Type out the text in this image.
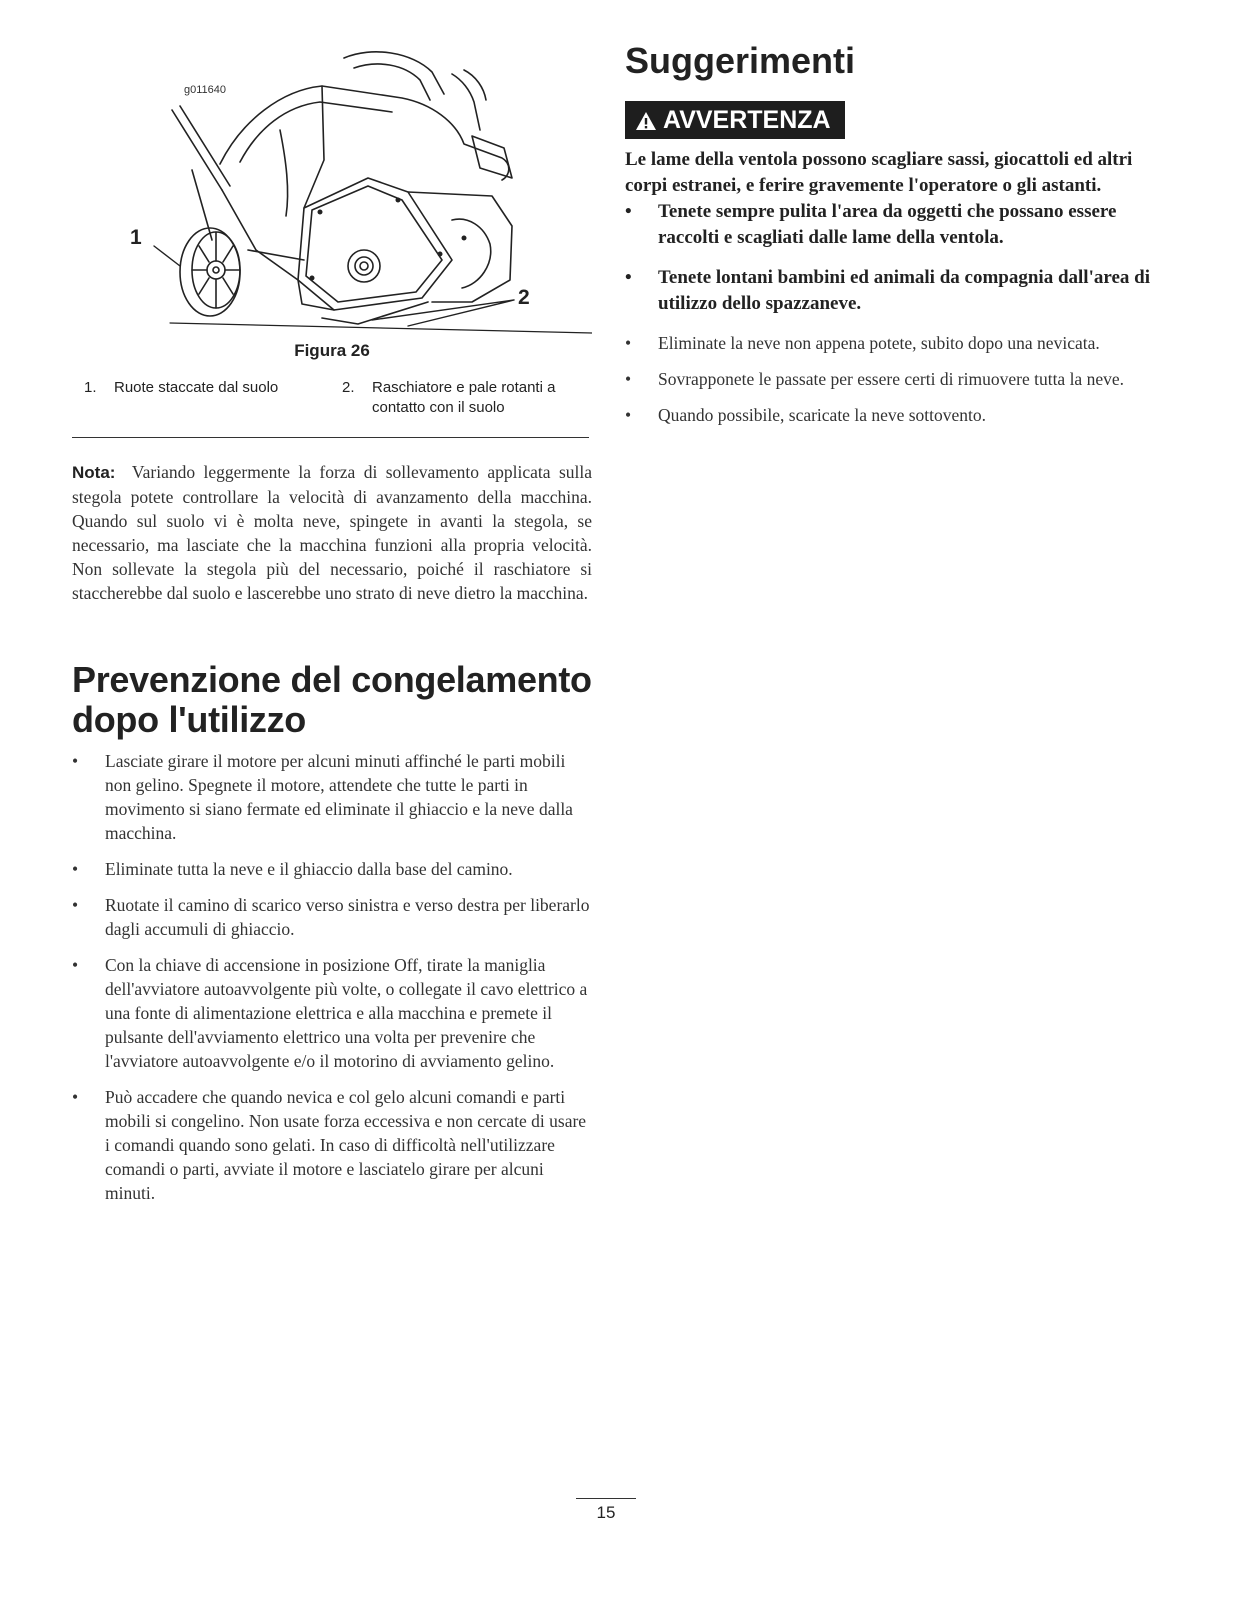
g011640
1
2
Figura 26
1. Ruote staccate dal suolo	2. Raschiatore e pale rotanti a contatto con il suolo

Nota: Variando leggermente la forza di sollevamento applicata sulla stegola potete controllare la velocità di avanzamento della macchina. Quando sul suolo vi è molta neve, spingete in avanti la stegola, se necessario, ma lasciate che la macchina funzioni alla propria velocità. Non sollevate la stegola più del necessario, poiché il raschiatore si staccherebbe dal suolo e lascerebbe uno strato di neve dietro la macchina.

Prevenzione del congelamento dopo l'utilizzo
• Lasciate girare il motore per alcuni minuti affinché le parti mobili non gelino. Spegnete il motore, attendete che tutte le parti in movimento si siano fermate ed eliminate il ghiaccio e la neve dalla macchina.
• Eliminate tutta la neve e il ghiaccio dalla base del camino.
• Ruotate il camino di scarico verso sinistra e verso destra per liberarlo dagli accumuli di ghiaccio.
• Con la chiave di accensione in posizione Off, tirate la maniglia dell'avviatore autoavvolgente più volte, o collegate il cavo elettrico a una fonte di alimentazione elettrica e alla macchina e premete il pulsante dell'avviamento elettrico una volta per prevenire che l'avviatore autoavvolgente e/o il motorino di avviamento gelino.
• Può accadere che quando nevica e col gelo alcuni comandi e parti mobili si congelino. Non usate forza eccessiva e non cercate di usare i comandi quando sono gelati. In caso di difficoltà nell'utilizzare comandi o parti, avviate il motore e lasciatelo girare per alcuni minuti.
Suggerimenti
AVVERTENZA
Le lame della ventola possono scagliare sassi, giocattoli ed altri corpi estranei, e ferire gravemente l'operatore o gli astanti.
• Tenete sempre pulita l'area da oggetti che possano essere raccolti e scagliati dalle lame della ventola.
• Tenete lontani bambini ed animali da compagnia dall'area di utilizzo dello spazzaneve.
• Eliminate la neve non appena potete, subito dopo una nevicata.
• Sovrapponete le passate per essere certi di rimuovere tutta la neve.
• Quando possibile, scaricate la neve sottovento.
15
